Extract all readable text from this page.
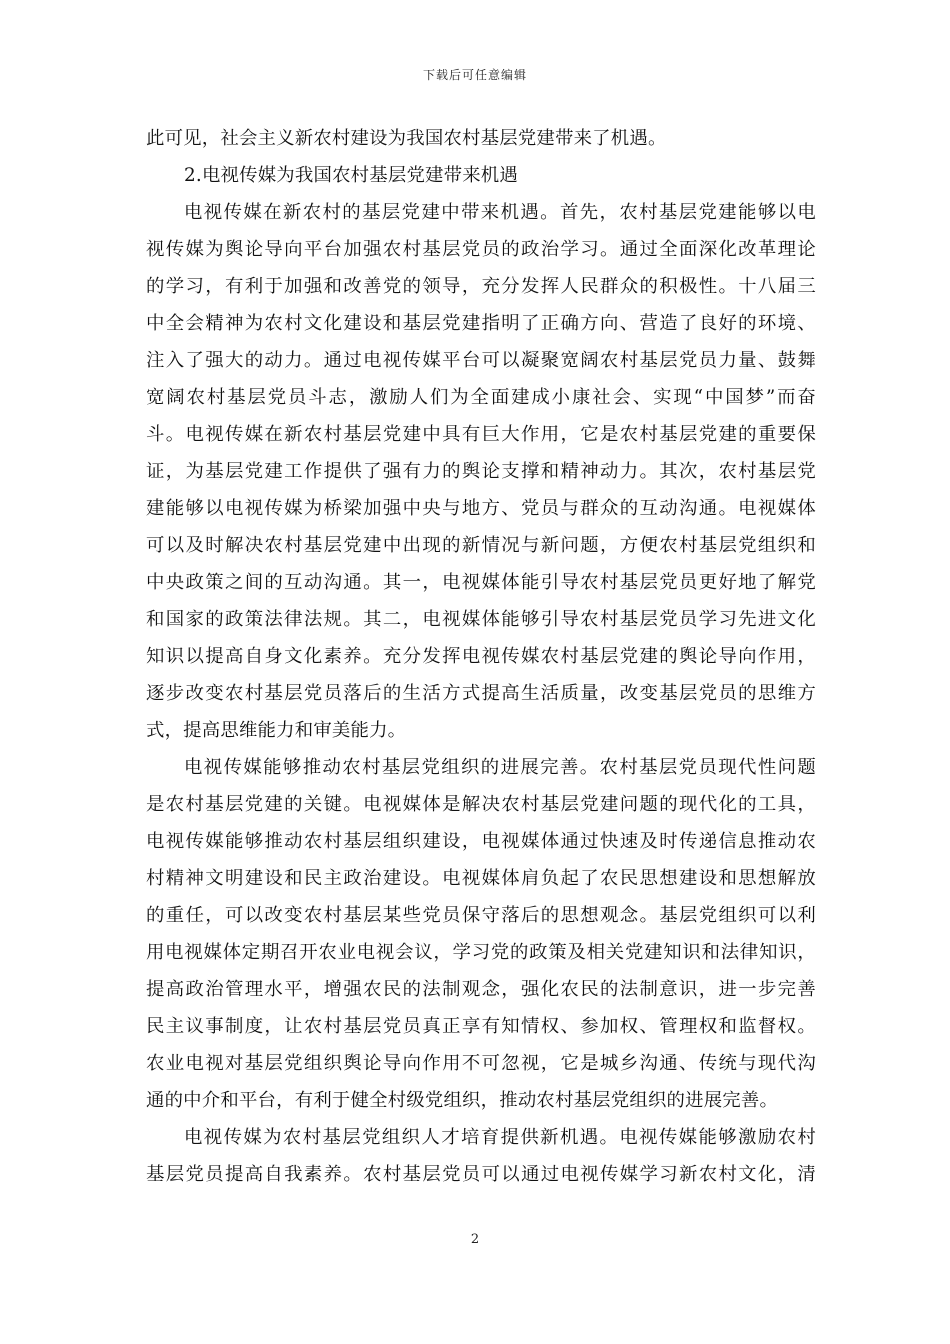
下载后可任意编辑
此可见，社会主义新农村建设为我国农村基层党建带来了机遇。
2.电视传媒为我国农村基层党建带来机遇
电视传媒在新农村的基层党建中带来机遇。首先，农村基层党建能够以电
视传媒为舆论导向平台加强农村基层党员的政治学习。通过全面深化改革理论
的学习，有利于加强和改善党的领导，充分发挥人民群众的积极性。十八届三
中全会精神为农村文化建设和基层党建指明了正确方向、营造了良好的环境、
注入了强大的动力。通过电视传媒平台可以凝聚宽阔农村基层党员力量、鼓舞
宽阔农村基层党员斗志，激励人们为全面建成小康社会、实现“中国梦”而奋
斗。电视传媒在新农村基层党建中具有巨大作用，它是农村基层党建的重要保
证，为基层党建工作提供了强有力的舆论支撑和精神动力。其次，农村基层党
建能够以电视传媒为桥梁加强中央与地方、党员与群众的互动沟通。电视媒体
可以及时解决农村基层党建中出现的新情况与新问题，方便农村基层党组织和
中央政策之间的互动沟通。其一，电视媒体能引导农村基层党员更好地了解党
和国家的政策法律法规。其二，电视媒体能够引导农村基层党员学习先进文化
知识以提高自身文化素养。充分发挥电视传媒农村基层党建的舆论导向作用，
逐步改变农村基层党员落后的生活方式提高生活质量，改变基层党员的思维方
式，提高思维能力和审美能力。
电视传媒能够推动农村基层党组织的进展完善。农村基层党员现代性问题
是农村基层党建的关键。电视媒体是解决农村基层党建问题的现代化的工具，
电视传媒能够推动农村基层组织建设，电视媒体通过快速及时传递信息推动农
村精神文明建设和民主政治建设。电视媒体肩负起了农民思想建设和思想解放
的重任，可以改变农村基层某些党员保守落后的思想观念。基层党组织可以利
用电视媒体定期召开农业电视会议，学习党的政策及相关党建知识和法律知识，
提高政治管理水平，增强农民的法制观念，强化农民的法制意识，进一步完善
民主议事制度，让农村基层党员真正享有知情权、参加权、管理权和监督权。
农业电视对基层党组织舆论导向作用不可忽视，它是城乡沟通、传统与现代沟
通的中介和平台，有利于健全村级党组织，推动农村基层党组织的进展完善。
电视传媒为农村基层党组织人才培育提供新机遇。电视传媒能够激励农村
基层党员提高自我素养。农村基层党员可以通过电视传媒学习新农村文化，清
2
